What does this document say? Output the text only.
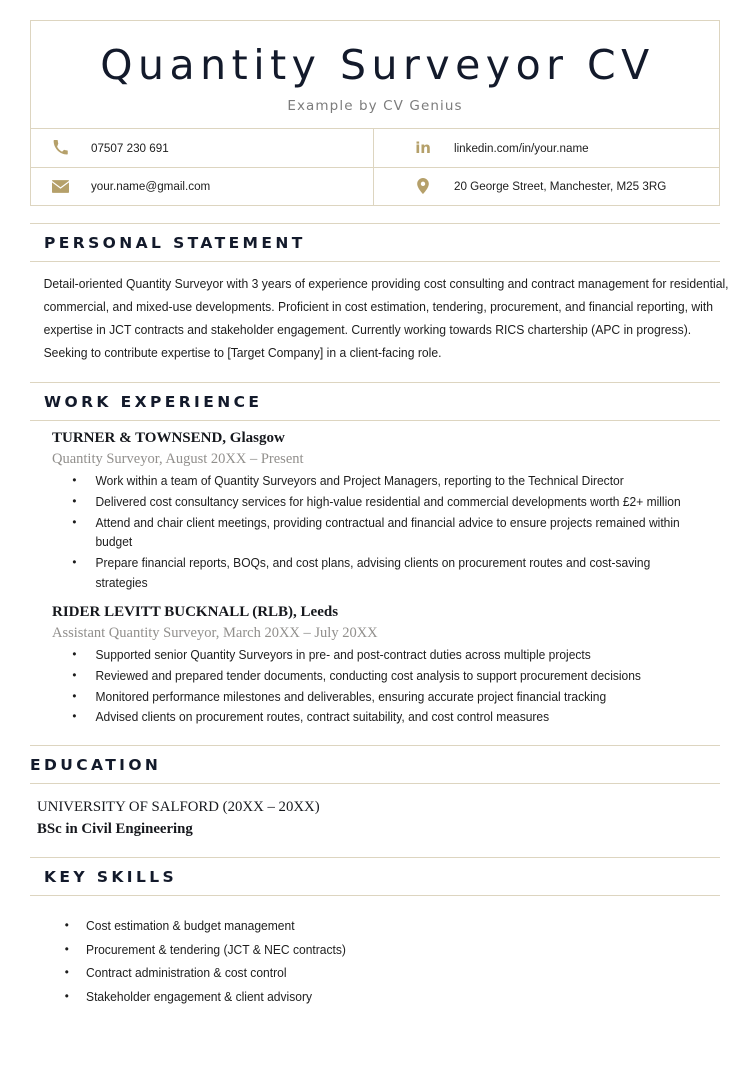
Quantity Surveyor CV
Example by CV Genius
07507 230 691	in	linkedin.com/in/your.name
your.name@gmail.com	20 George Street, Manchester, M25 3RG
PERSONAL STATEMENT
Detail-oriented Quantity Surveyor with 3 years of experience providing cost consulting and contract management for residential, commercial, and mixed-use developments. Proficient in cost estimation, tendering, procurement, and financial reporting, with expertise in JCT contracts and stakeholder engagement. Currently working towards RICS chartership (APC in progress). Seeking to contribute expertise to [Target Company] in a client-facing role.
WORK EXPERIENCE
TURNER & TOWNSEND, Glasgow
Quantity Surveyor, August 20XX – Present
• Work within a team of Quantity Surveyors and Project Managers, reporting to the Technical Director
• Delivered cost consultancy services for high-value residential and commercial developments worth £2+ million
• Attend and chair client meetings, providing contractual and financial advice to ensure projects remained within budget
• Prepare financial reports, BOQs, and cost plans, advising clients on procurement routes and cost-saving strategies
RIDER LEVITT BUCKNALL (RLB), Leeds
Assistant Quantity Surveyor, March 20XX – July 20XX
• Supported senior Quantity Surveyors in pre- and post-contract duties across multiple projects
• Reviewed and prepared tender documents, conducting cost analysis to support procurement decisions
• Monitored performance milestones and deliverables, ensuring accurate project financial tracking
• Advised clients on procurement routes, contract suitability, and cost control measures
EDUCATION
UNIVERSITY OF SALFORD (20XX – 20XX)
BSc in Civil Engineering
KEY SKILLS
• Cost estimation & budget management
• Procurement & tendering (JCT & NEC contracts)
• Contract administration & cost control
• Stakeholder engagement & client advisory
